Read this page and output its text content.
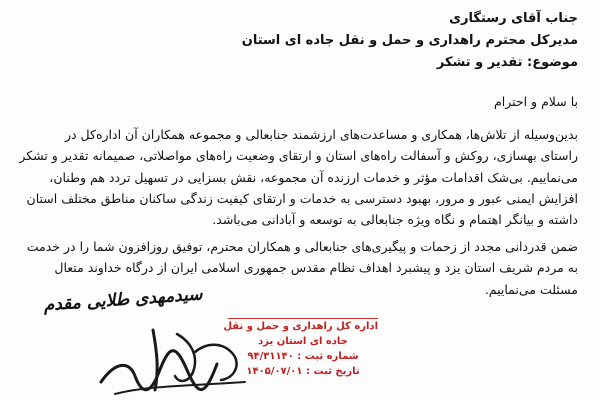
جناب آقای رستگاری
مدیرکل محترم راهداری و حمل و نقل جاده ای استان
موضوع: تقدیر و تشکر
با سلام و احترام
بدین‌وسیله از تلاش‌ها، همکاری و مساعدت‌های ارزشمند جنابعالی و مجموعه همکاران آن اداره‌کل در
راستای بهسازی، روکش و آسفالت راه‌های استان و ارتقای وضعیت راه‌های مواصلاتی، صمیمانه تقدیر و تشکر
می‌نماییم. بی‌شک اقدامات مؤثر و خدمات ارزنده آن مجموعه، نقش بسزایی در تسهیل تردد هم وطنان،
افزایش ایمنی عبور و مرور، بهبود دسترسی به خدمات و ارتقای کیفیت زندگی ساکنان مناطق مختلف استان
داشته و بیانگر اهتمام و نگاه ویژه جنابعالی به توسعه و آبادانی می‌باشد.
ضمن قدردانی مجدد از زحمات و پیگیری‌های جنابعالی و همکاران محترم، توفیق روزافزون شما را در خدمت
به مردم شریف استان یزد و پیشبرد اهداف نظام مقدس جمهوری اسلامی ایران از درگاه خداوند متعال
مسئلت می‌نماییم.
اداره کل راهداری و حمل و نقل
جاده ای استان یزد
شماره ثبت : ۹۴/۳۱۱۴۰
تاریخ ثبت : ۱۴۰۵/۰۷/۰۱
سیدمهدی طلایی مقدم
